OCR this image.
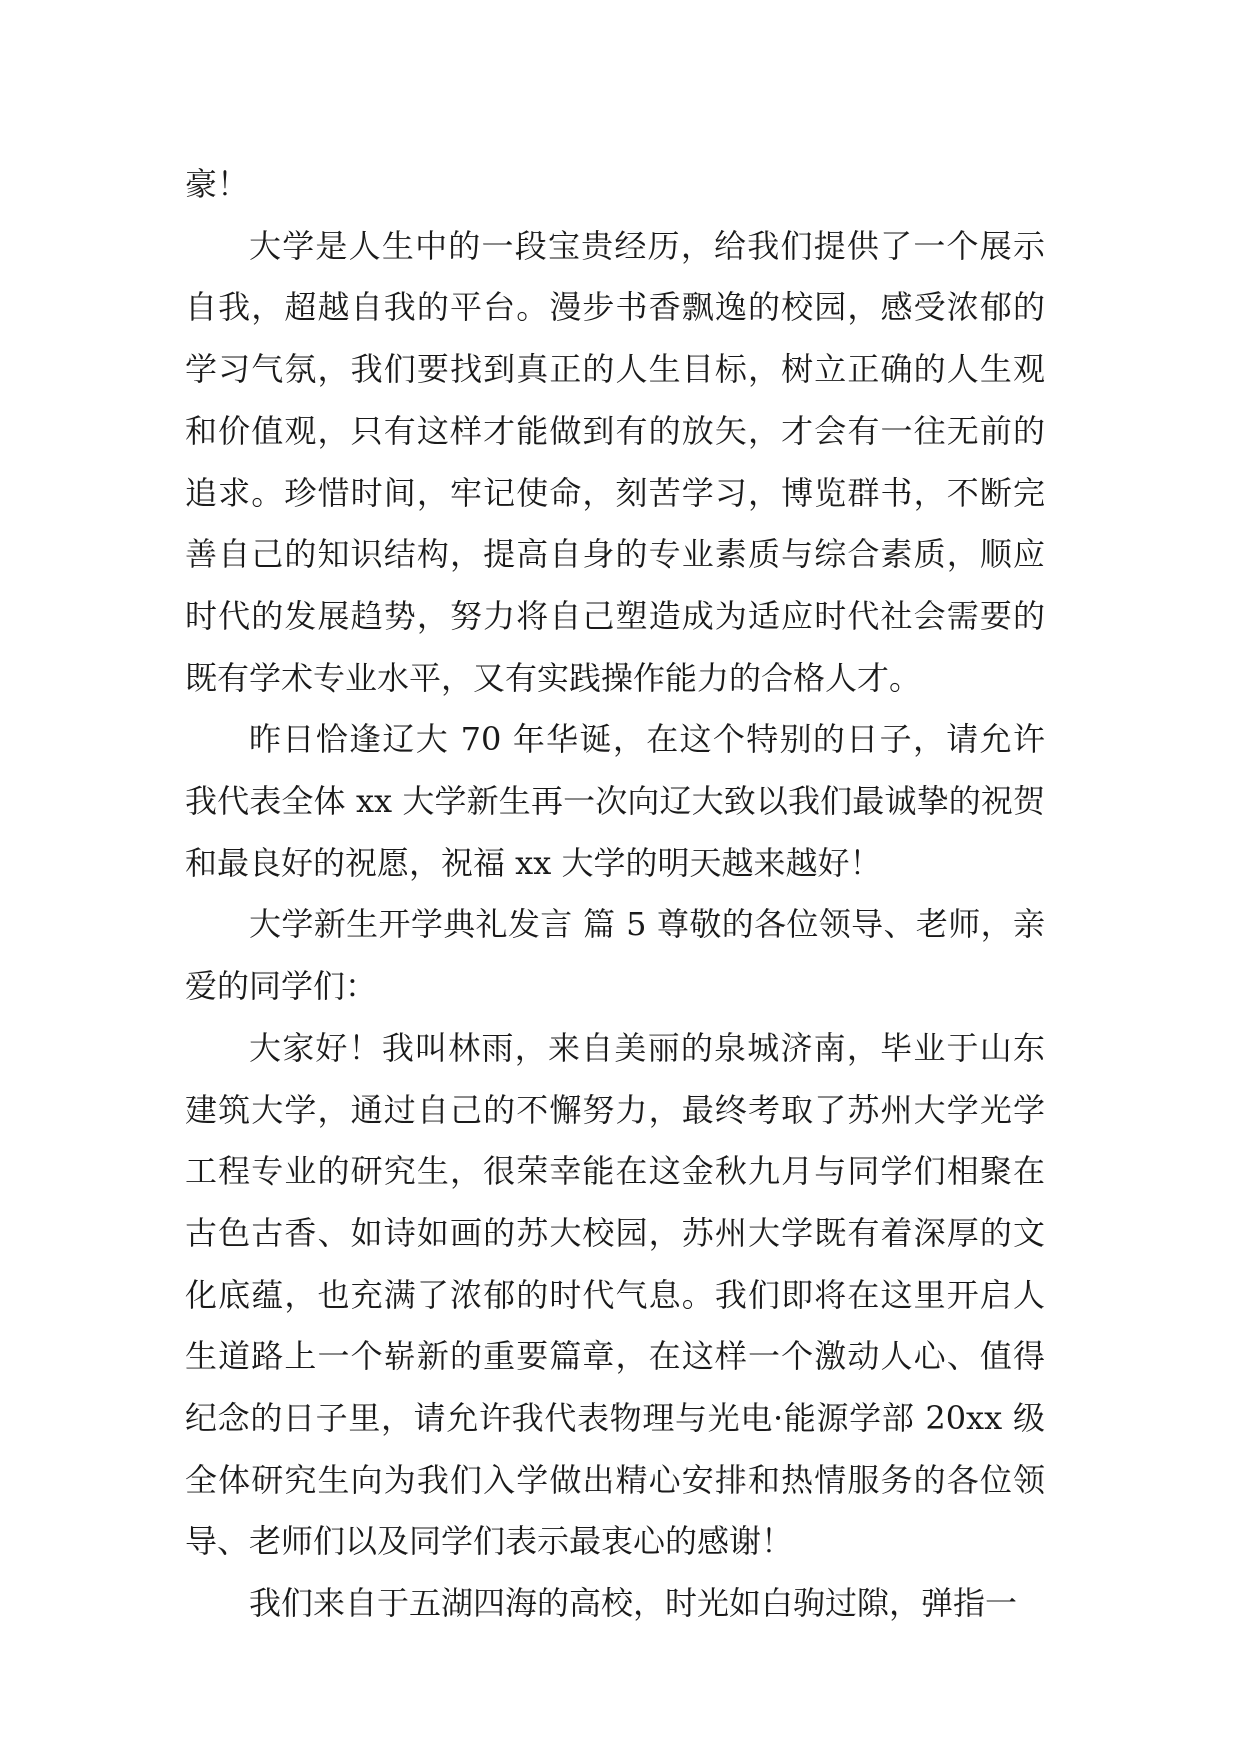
豪！

大学是人生中的一段宝贵经历，给我们提供了一个展示自我，超越自我的平台。漫步书香飘逸的校园，感受浓郁的学习气氛，我们要找到真正的人生目标，树立正确的人生观和价值观，只有这样才能做到有的放矢，才会有一往无前的追求。珍惜时间，牢记使命，刻苦学习，博览群书，不断完善自己的知识结构，提高自身的专业素质与综合素质，顺应时代的发展趋势，努力将自己塑造成为适应时代社会需要的既有学术专业水平，又有实践操作能力的合格人才。

昨日恰逢辽大 70 年华诞，在这个特别的日子，请允许我代表全体 xx 大学新生再一次向辽大致以我们最诚挚的祝贺和最良好的祝愿，祝福 xx 大学的明天越来越好！

大学新生开学典礼发言 篇 5 尊敬的各位领导、老师，亲爱的同学们：

大家好！我叫林雨，来自美丽的泉城济南，毕业于山东建筑大学，通过自己的不懈努力，最终考取了苏州大学光学工程专业的研究生，很荣幸能在这金秋九月与同学们相聚在古色古香、如诗如画的苏大校园，苏州大学既有着深厚的文化底蕴，也充满了浓郁的时代气息。我们即将在这里开启人生道路上一个崭新的重要篇章，在这样一个激动人心、值得纪念的日子里，请允许我代表物理与光电·能源学部 20xx 级全体研究生向为我们入学做出精心安排和热情服务的各位领导、老师们以及同学们表示最衷心的感谢！

我们来自于五湖四海的高校，时光如白驹过隙，弹指一
